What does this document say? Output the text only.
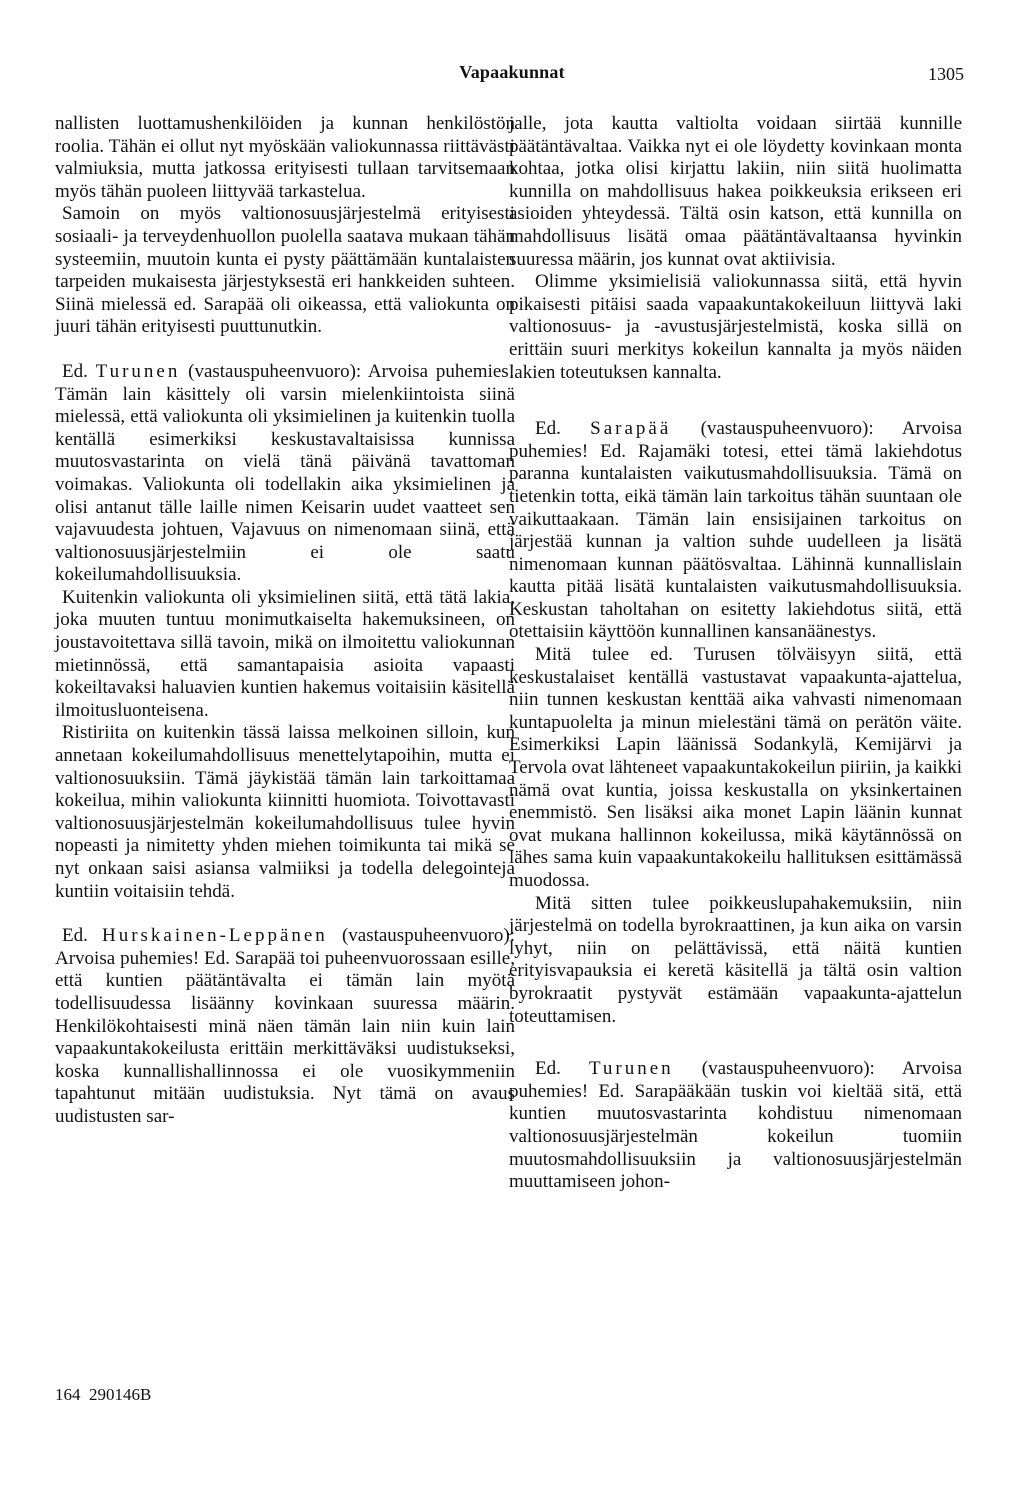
Vapaakunnat	1305

nallisten luottamushenkilöiden ja kunnan henkilöstön roolia. Tähän ei ollut nyt myöskään valiokunnassa riittävästi valmiuksia, mutta jatkossa erityisesti tullaan tarvitsemaan myös tähän puoleen liittyvää tarkastelua.

Samoin on myös valtionosuusjärjestelmä erityisesti sosiaali- ja terveydenhuollon puolella saatava mukaan tähän systeemiin, muutoin kunta ei pysty päättämään kuntalaisten tarpeiden mukaisesta järjestyksestä eri hankkeiden suhteen. Siinä mielessä ed. Sarapää oli oikeassa, että valiokunta on juuri tähän erityisesti puuttunutkin.

Ed. Turunen (vastauspuheenvuoro): Arvoisa puhemies! Tämän lain käsittely oli varsin mielenkiintoista siinä mielessä, että valiokunta oli yksimielinen ja kuitenkin tuolla kentällä esimerkiksi keskustavaltaisissa kunnissa muutosvastarinta on vielä tänä päivänä tavattoman voimakas. Valiokunta oli todellakin aika yksimielinen ja olisi antanut tälle laille nimen Keisarin uudet vaatteet sen vajavuudesta johtuen, Vajavuus on nimenomaan siinä, että valtionosuusjärjestelmiin ei ole saatu kokeilumahdollisuuksia.

Kuitenkin valiokunta oli yksimielinen siitä, että tätä lakia, joka muuten tuntuu monimutkaiselta hakemuksineen, on joustavoitettava sillä tavoin, mikä on ilmoitettu valiokunnan mietinnössä, että samantapaisia asioita vapaasti kokeiltavaksi haluavien kuntien hakemus voitaisiin käsitellä ilmoitusluonteisena.

Ristiriita on kuitenkin tässä laissa melkoinen silloin, kun annetaan kokeilumahdollisuus menettelytapoihin, mutta ei valtionosuuksiin. Tämä jäykistää tämän lain tarkoittamaa kokeilua, mihin valiokunta kiinnitti huomiota. Toivottavasti valtionosuusjärjestelmän kokeilumahdollisuus tulee hyvin nopeasti ja nimitetty yhden miehen toimikunta tai mikä se nyt onkaan saisi asiansa valmiiksi ja todella delegointeja kuntiin voitaisiin tehdä.

Ed. Hurskainen-Leppänen (vastauspuheenvuoro): Arvoisa puhemies! Ed. Sarapää toi puheenvuorossaan esille, että kuntien päätäntävalta ei tämän lain myötä todellisuudessa lisäänny kovinkaan suuressa määrin. Henkilökohtaisesti minä näen tämän lain niin kuin lain vapaakuntakokeilusta erittäin merkittäväksi uudistukseksi, koska kunnallishallinnossa ei ole vuosikymmeniin tapahtunut mitään uudistuksia. Nyt tämä on avaus uudistusten sar-

jalle, jota kautta valtiolta voidaan siirtää kunnille päätäntävaltaa. Vaikka nyt ei ole löydetty kovinkaan monta kohtaa, jotka olisi kirjattu lakiin, niin siitä huolimatta kunnilla on mahdollisuus hakea poikkeuksia erikseen eri asioiden yhteydessä. Tältä osin katson, että kunnilla on mahdollisuus lisätä omaa päätäntävaltaansa hyvinkin suuressa määrin, jos kunnat ovat aktiivisia.

Olimme yksimielisiä valiokunnassa siitä, että hyvin pikaisesti pitäisi saada vapaakuntakokeiluun liittyvä laki valtionosuus- ja -avustusjärjestelmistä, koska sillä on erittäin suuri merkitys kokeilun kannalta ja myös näiden lakien toteutuksen kannalta.

Ed. Sarapää (vastauspuheenvuoro): Arvoisa puhemies! Ed. Rajamäki totesi, ettei tämä lakiehdotus paranna kuntalaisten vaikutusmahdollisuuksia. Tämä on tietenkin totta, eikä tämän lain tarkoitus tähän suuntaan ole vaikuttaakaan. Tämän lain ensisijainen tarkoitus on järjestää kunnan ja valtion suhde uudelleen ja lisätä nimenomaan kunnan päätösvaltaa. Lähinnä kunnallislain kautta pitää lisätä kuntalaisten vaikutusmahdollisuuksia. Keskustan taholtahan on esitetty lakiehdotus siitä, että otettaisiin käyttöön kunnallinen kansanäänestys.

Mitä tulee ed. Turusen tölväisyyn siitä, että keskustalaiset kentällä vastustavat vapaakunta-ajattelua, niin tunnen keskustan kenttää aika vahvasti nimenomaan kuntapuolelta ja minun mielestäni tämä on perätön väite. Esimerkiksi Lapin läänissä Sodankylä, Kemijärvi ja Tervola ovat lähteneet vapaakuntakokeilun piiriin, ja kaikki nämä ovat kuntia, joissa keskustalla on yksinkertainen enemmistö. Sen lisäksi aika monet Lapin läänin kunnat ovat mukana hallinnon kokeilussa, mikä käytännössä on lähes sama kuin vapaakuntakokeilu hallituksen esittämässä muodossa.

Mitä sitten tulee poikkeuslupahakemuksiin, niin järjestelmä on todella byrokraattinen, ja kun aika on varsin lyhyt, niin on pelättävissä, että näitä kuntien erityisvapauksia ei keretä käsitellä ja tältä osin valtion byrokraatit pystyvät estämään vapaakunta-ajattelun toteuttamisen.

Ed. Turunen (vastauspuheenvuoro): Arvoisa puhemies! Ed. Sarapääkään tuskin voi kieltää sitä, että kuntien muutosvastarinta kohdistuu nimenomaan valtionosuusjärjestelmän kokeilun tuomiin muutosmahdollisuuksiin ja valtionosuusjärjestelmän muuttamiseen johon-

164  290146B
